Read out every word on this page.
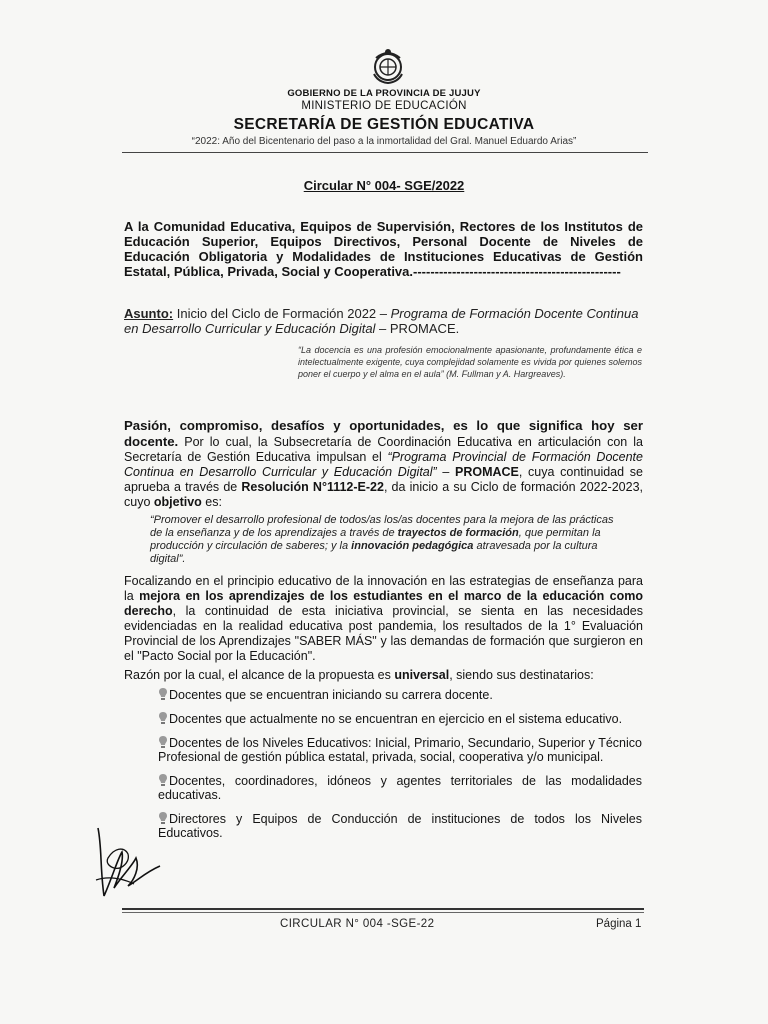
GOBIERNO DE LA PROVINCIA DE JUJUY
MINISTERIO DE EDUCACIÓN
SECRETARÍA DE GESTIÓN EDUCATIVA
“2022: Año del Bicentenario del paso a la inmortalidad del Gral. Manuel Eduardo Arias”
Circular N° 004- SGE/2022
A la Comunidad Educativa, Equipos de Supervisión, Rectores de los Institutos de Educación Superior, Equipos Directivos, Personal Docente de Niveles de Educación Obligatoria y Modalidades de Instituciones Educativas de Gestión Estatal, Pública, Privada, Social y Cooperativa.------------------------------------------------
Asunto: Inicio del Ciclo de Formación 2022 – Programa de Formación Docente Continua en Desarrollo Curricular y Educación Digital – PROMACE.
“La docencia es una profesión emocionalmente apasionante, profundamente ética e intelectualmente exigente, cuya complejidad solamente es vivida por quienes solemos poner el cuerpo y el alma en el aula” (M. Fullman y A. Hargreaves).
Pasión, compromiso, desafíos y oportunidades, es lo que significa hoy ser docente. Por lo cual, la Subsecretaría de Coordinación Educativa en articulación con la Secretaría de Gestión Educativa impulsan el “Programa Provincial de Formación Docente Continua en Desarrollo Curricular y Educación Digital” – PROMACE, cuya continuidad se aprueba a través de Resolución N°1112-E-22, da inicio a su Ciclo de formación 2022-2023, cuyo objetivo es:
“Promover el desarrollo profesional de todos/as los/as docentes para la mejora de las prácticas de la enseñanza y de los aprendizajes a través de trayectos de formación, que permitan la producción y circulación de saberes; y la innovación pedagógica atravesada por la cultura digital”.
Focalizando en el principio educativo de la innovación en las estrategias de enseñanza para la mejora en los aprendizajes de los estudiantes en el marco de la educación como derecho, la continuidad de esta iniciativa provincial, se sienta en las necesidades evidenciadas en la realidad educativa post pandemia, los resultados de la 1° Evaluación Provincial de los Aprendizajes "SABER MÁS" y las demandas de formación que surgieron en el "Pacto Social por la Educación".
Razón por la cual, el alcance de la propuesta es universal, siendo sus destinatarios:
Docentes que se encuentran iniciando su carrera docente.
Docentes que actualmente no se encuentran en ejercicio en el sistema educativo.
Docentes de los Niveles Educativos: Inicial, Primario, Secundario, Superior y Técnico Profesional de gestión pública estatal, privada, social, cooperativa y/o municipal.
Docentes, coordinadores, idóneos y agentes territoriales de las modalidades educativas.
Directores y Equipos de Conducción de instituciones de todos los Niveles Educativos.
CIRCULAR N° 004 -SGE-22	Página 1
